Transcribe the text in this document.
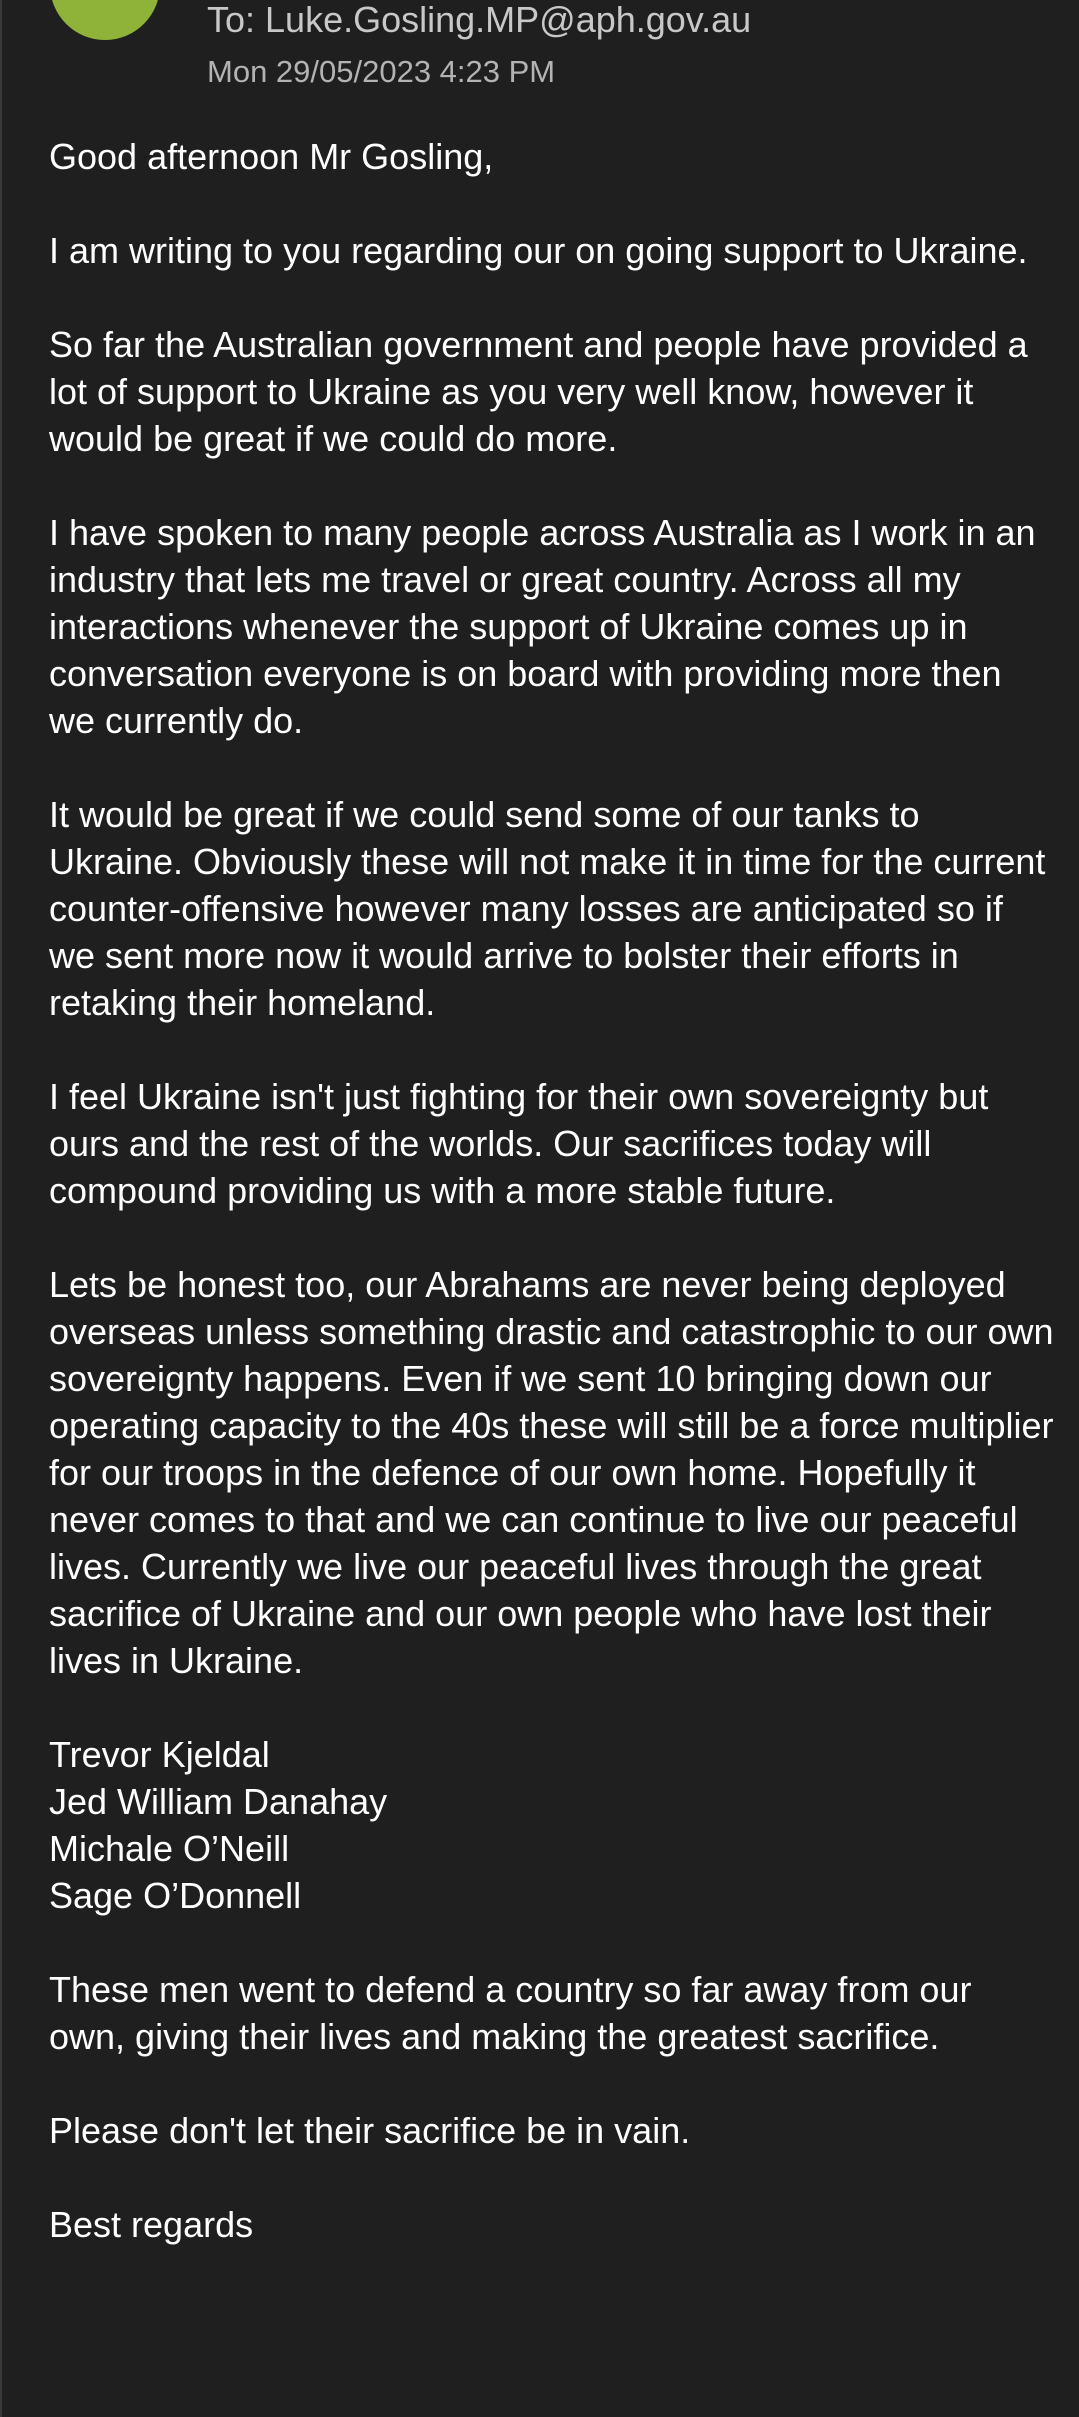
To: Luke.Gosling.MP@aph.gov.au
Mon 29/05/2023 4:23 PM

Good afternoon Mr Gosling,

I am writing to you regarding our on going support to Ukraine.

So far the Australian government and people have provided a lot of support to Ukraine as you very well know, however it would be great if we could do more.

I have spoken to many people across Australia as I work in an industry that lets me travel or great country. Across all my interactions whenever the support of Ukraine comes up in conversation everyone is on board with providing more then we currently do.

It would be great if we could send some of our tanks to Ukraine. Obviously these will not make it in time for the current counter-offensive however many losses are anticipated so if we sent more now it would arrive to bolster their efforts in retaking their homeland.

I feel Ukraine isn't just fighting for their own sovereignty but ours and the rest of the worlds. Our sacrifices today will compound providing us with a more stable future.

Lets be honest too, our Abrahams are never being deployed overseas unless something drastic and catastrophic to our own sovereignty happens. Even if we sent 10 bringing down our operating capacity to the 40s these will still be a force multiplier for our troops in the defence of our own home. Hopefully it never comes to that and we can continue to live our peaceful lives. Currently we live our peaceful lives through the great sacrifice of Ukraine and our own people who have lost their lives in Ukraine.

Trevor Kjeldal
Jed William Danahay
Michale O’Neill
Sage O’Donnell

These men went to defend a country so far away from our own, giving their lives and making the greatest sacrifice.

Please don't let their sacrifice be in vain.

Best regards
